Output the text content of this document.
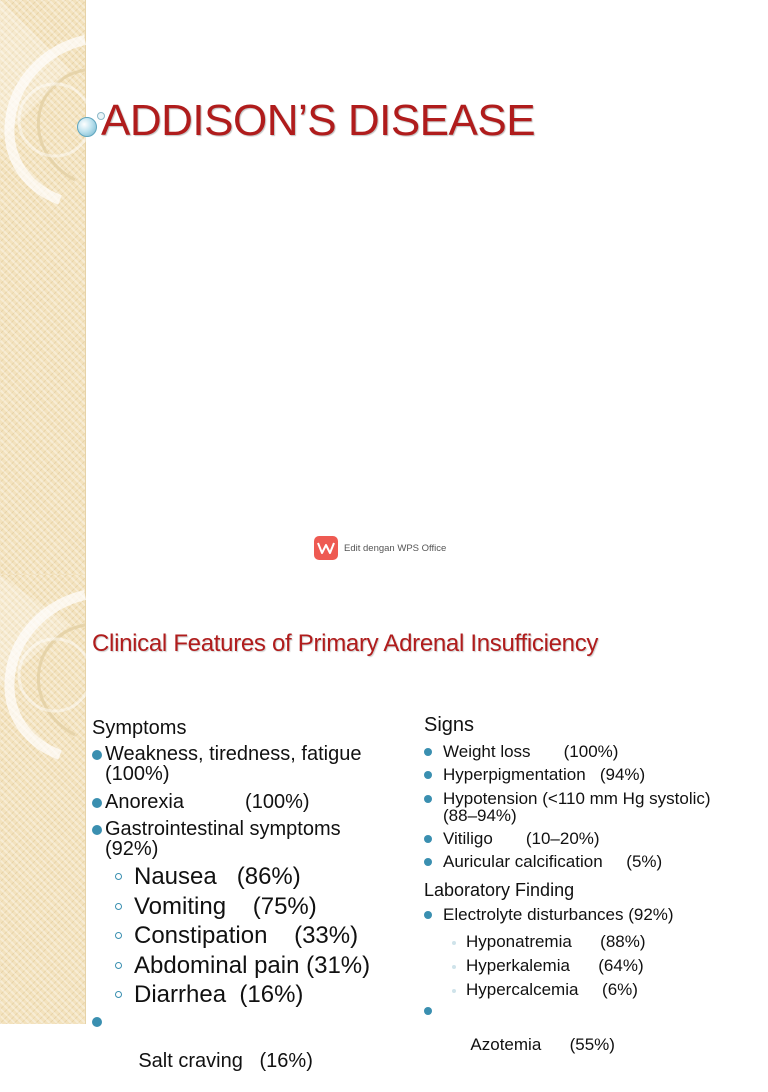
ADDISON’S DISEASE
Edit dengan WPS Office
Clinical Features of Primary Adrenal Insufficiency
Symptoms
Weakness, tiredness, fatigue
(100%)
Anorexia           (100%)
Gastrointestinal symptoms
(92%)
Nausea   (86%)
Vomiting    (75%)
Constipation    (33%)
Abdominal pain (31%)
Diarrhea  (16%)

Salt craving   (16%)

Signs
Weight loss       (100%)
Hyperpigmentation   (94%)
Hypotension (<110 mm Hg systolic)
(88–94%)
Vitiligo       (10–20%)
Auricular calcification     (5%)
Laboratory Finding
Electrolyte disturbances (92%)
Hyponatremia      (88%)
Hyperkalemia      (64%)
Hypercalcemia     (6%)

Azotemia      (55%)
